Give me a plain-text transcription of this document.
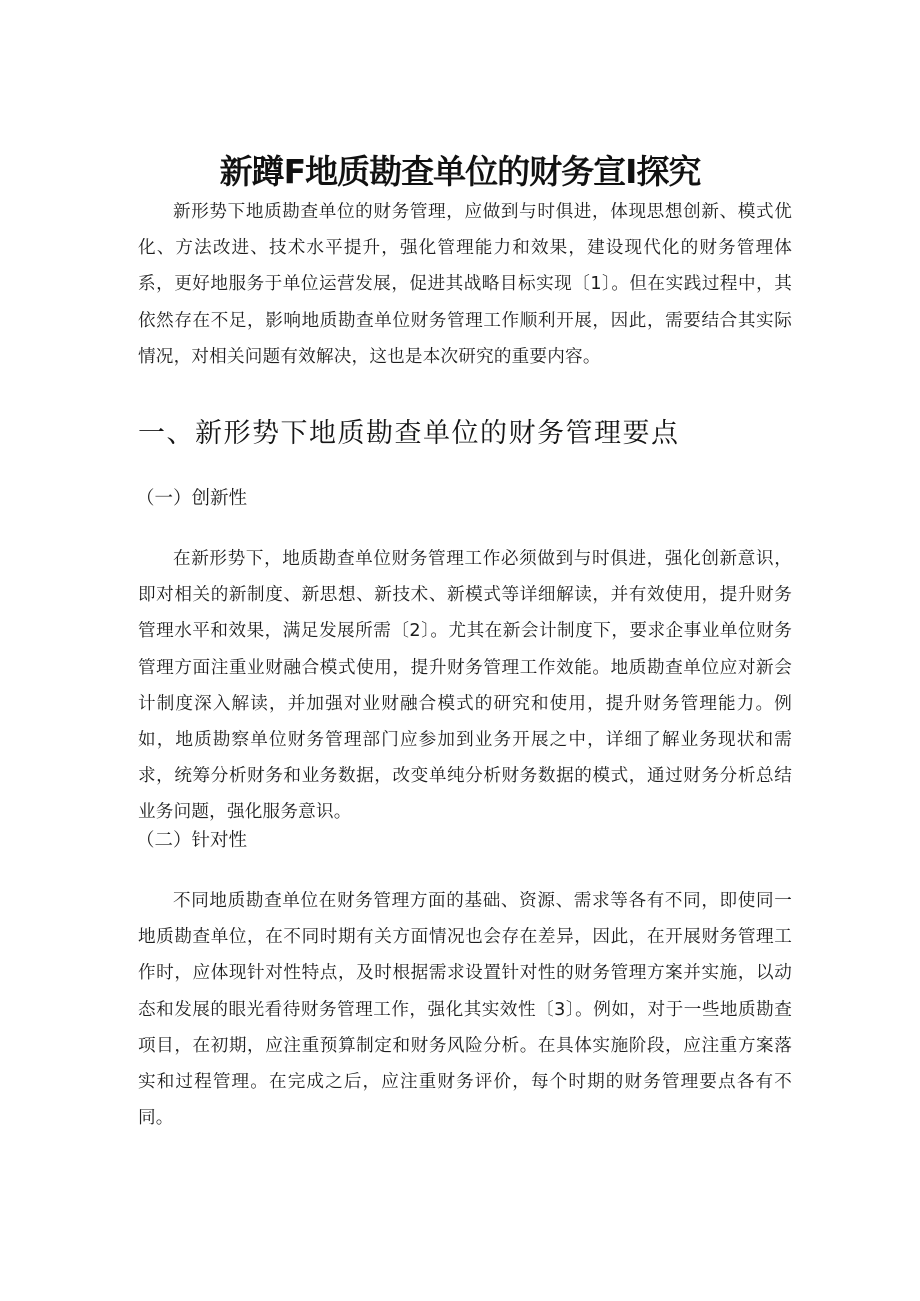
新蹲F地质勘查单位的财务宣I探究

新形势下地质勘查单位的财务管理，应做到与时俱进，体现思想创新、模式优化、方法改进、技术水平提升，强化管理能力和效果，建设现代化的财务管理体系，更好地服务于单位运营发展，促进其战略目标实现〔1〕。但在实践过程中，其依然存在不足，影响地质勘查单位财务管理工作顺利开展，因此，需要结合其实际情况，对相关问题有效解决，这也是本次研究的重要内容。

一、新形势下地质勘查单位的财务管理要点
（一）创新性

在新形势下，地质勘查单位财务管理工作必须做到与时俱进，强化创新意识，即对相关的新制度、新思想、新技术、新模式等详细解读，并有效使用，提升财务管理水平和效果，满足发展所需〔2〕。尤其在新会计制度下，要求企事业单位财务管理方面注重业财融合模式使用，提升财务管理工作效能。地质勘查单位应对新会计制度深入解读，并加强对业财融合模式的研究和使用，提升财务管理能力。例如，地质勘察单位财务管理部门应参加到业务开展之中，详细了解业务现状和需求，统筹分析财务和业务数据，改变单纯分析财务数据的模式，通过财务分析总结业务问题，强化服务意识。

（二）针对性

不同地质勘查单位在财务管理方面的基础、资源、需求等各有不同，即使同一地质勘查单位，在不同时期有关方面情况也会存在差异，因此，在开展财务管理工作时，应体现针对性特点，及时根据需求设置针对性的财务管理方案并实施，以动态和发展的眼光看待财务管理工作，强化其实效性〔3〕。例如，对于一些地质勘查项目，在初期，应注重预算制定和财务风险分析。在具体实施阶段，应注重方案落实和过程管理。在完成之后，应注重财务评价，每个时期的财务管理要点各有不同。
